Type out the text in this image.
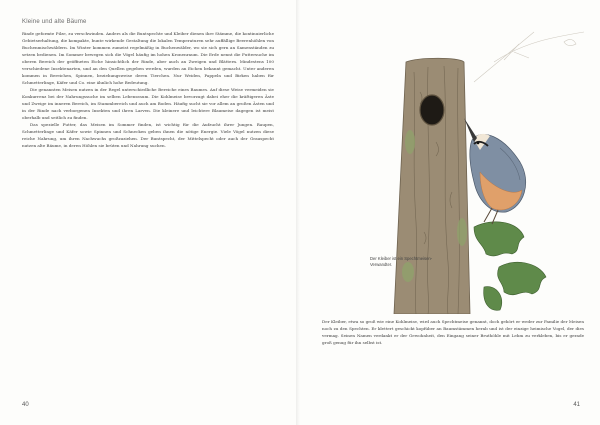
Kleine und alte Bäume

Rinde geformte Pilze, zu verschwinden. Anders als die Buntspechte und Kleiber dienen ihre Stämme, die kontinuierliche Gebietserhaltung, die kompakte, bunte wirkende Gestaltung die lokalen Temperaturen sehr auffällige Beerenhöhlen von Buchenmischwäldern. Im Winter kommen zumeist regelmäßig in Buchenwälder, wo sie sich gern an Samenständen zu setzen bedienen. Im Sommer bewegen sich die Vögel häufig im hohen Kronenraum. Die Erde nennt die Futtersuche im oberen Bereich der geöffneten Eiche hinsichtlich der Rinde, aber auch an Zweigen und Blättern. Mindestens 100 verschiedene Insektenarten, und an den Quellen gegeben werden, wurden an Eichen bekannt gemacht. Unter anderen kommen in Bereichen, Spinnen, beziehungsweise deren Tierchen. Nur Weiden, Pappeln und Birken haben für Schmetterlinge, Käfer und Co. eine ähnlich hohe Bedeutung.

Die genannten Meisen nutzen in der Regel unterschiedliche Bereiche eines Baumes. Auf diese Weise vermeiden sie Konkurrenz bei der Nahrungssuche im selben Lebensraum. Die Kohlmeise bevorzugt dabei eher die kräftigeren Äste und Zweige im inneren Bereich, im Stammbereich und auch am Boden. Häufig sucht sie vor allem an großen Ästen und in der Rinde nach verborgenen Insekten und ihren Larven. Die kleinere und leichtere Blaumeise dagegen ist meist oberhalb und seitlich zu finden.

Das spezielle Futter, das Meisen im Sommer finden, ist wichtig für die Aufzucht ihrer Jungen. Raupen, Schmetterlinge und Käfer sowie Spinnen und Schnecken geben ihnen die nötige Energie. Viele Vögel nutzen diese reiche Nahrung, um ihren Nachwuchs großzuziehen. Der Buntspecht, der Mittelspecht oder auch der Grauspecht nutzen alte Bäume, in deren Höhlen sie brüten und Nahrung suchen.

40
Der Kleiber ist ein Spechtmeisen-Verwandter.

Der Kleiber, etwa so groß wie eine Kohlmeise, wird auch Spechtmeise genannt, doch gehört er weder zur Familie der Meisen noch zu den Spechten. Er klettert geschickt kopfüber an Baumstämmen herab und ist der einzige heimische Vogel, der dies vermag. Seinen Namen verdankt er der Gewohnheit, den Eingang seiner Bruthöhle mit Lehm zu verkleben, bis er gerade groß genug für ihn selbst ist.

41
